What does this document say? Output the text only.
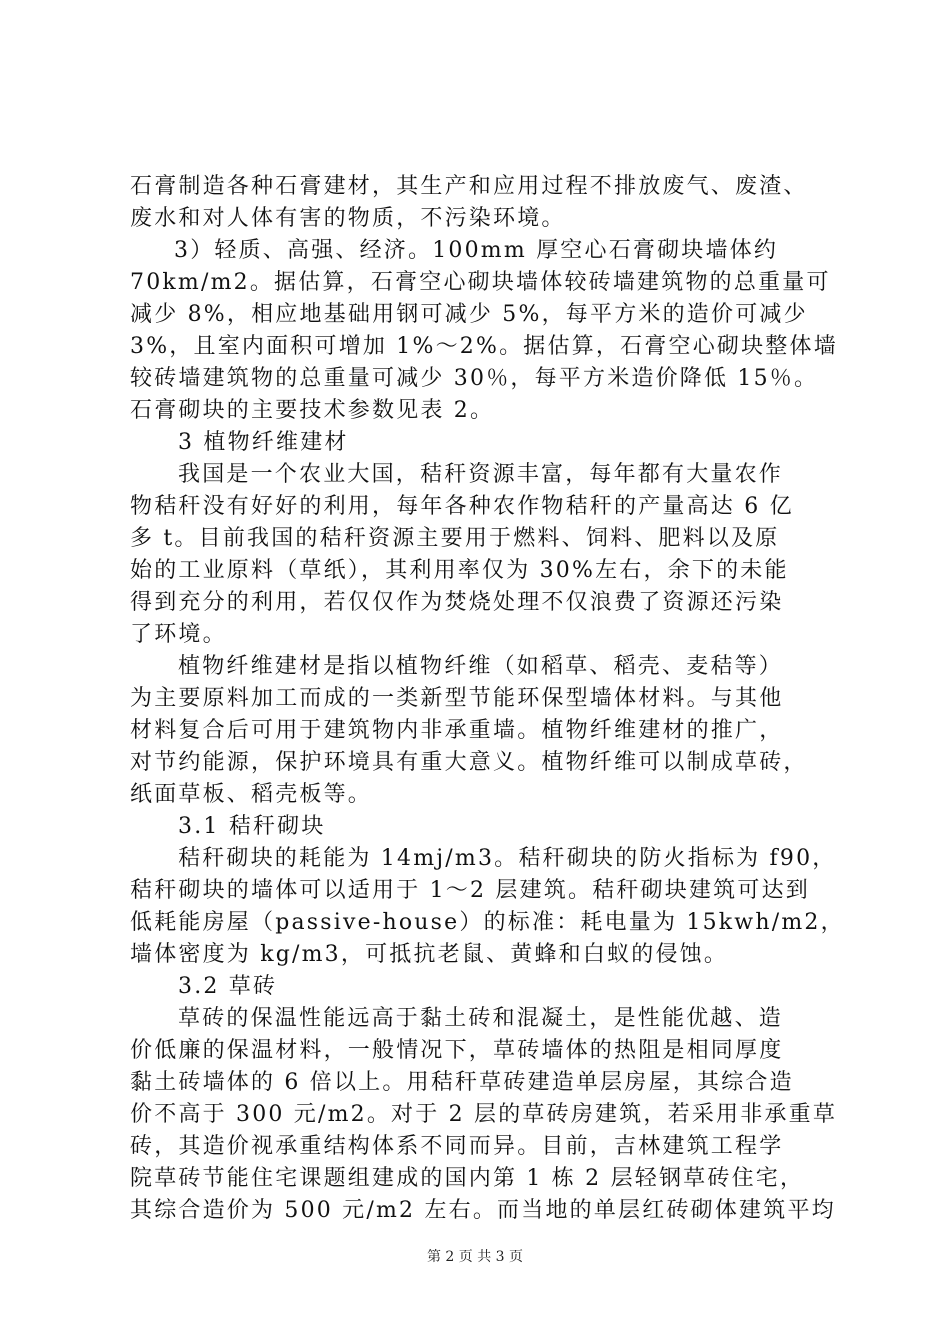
石膏制造各种石膏建材，其生产和应用过程不排放废气、废渣、
废水和对人体有害的物质，不污染环境。
3）轻质、高强、经济。100mm 厚空心石膏砌块墙体约
70km/m2。据估算，石膏空心砌块墙体较砖墙建筑物的总重量可
减少 8%，相应地基础用钢可减少 5%，每平方米的造价可减少
3%，且室内面积可增加 1%～2%。据估算，石膏空心砌块整体墙
较砖墙建筑物的总重量可减少 30％，每平方米造价降低 15％。
石膏砌块的主要技术参数见表 2。
3 植物纤维建材
我国是一个农业大国，秸秆资源丰富，每年都有大量农作
物秸秆没有好好的利用，每年各种农作物秸秆的产量高达 6 亿
多 t。目前我国的秸秆资源主要用于燃料、饲料、肥料以及原
始的工业原料（草纸），其利用率仅为 30%左右，余下的未能
得到充分的利用，若仅仅作为焚烧处理不仅浪费了资源还污染
了环境。
植物纤维建材是指以植物纤维（如稻草、稻壳、麦秸等）
为主要原料加工而成的一类新型节能环保型墙体材料。与其他
材料复合后可用于建筑物内非承重墙。植物纤维建材的推广，
对节约能源，保护环境具有重大意义。植物纤维可以制成草砖，
纸面草板、稻壳板等。
3.1 秸秆砌块
秸秆砌块的耗能为 14mj/m3。秸秆砌块的防火指标为 f90，
秸秆砌块的墙体可以适用于 1～2 层建筑。秸秆砌块建筑可达到
低耗能房屋（passive-house）的标准：耗电量为 15kwh/m2，
墙体密度为 kg/m3，可抵抗老鼠、黄蜂和白蚁的侵蚀。
3.2 草砖
草砖的保温性能远高于黏土砖和混凝土，是性能优越、造
价低廉的保温材料，一般情况下，草砖墙体的热阻是相同厚度
黏土砖墙体的 6 倍以上。用秸秆草砖建造单层房屋，其综合造
价不高于 300 元/m2。对于 2 层的草砖房建筑，若采用非承重草
砖，其造价视承重结构体系不同而异。目前，吉林建筑工程学
院草砖节能住宅课题组建成的国内第 1 栋 2 层轻钢草砖住宅，
其综合造价为 500 元/m2 左右。而当地的单层红砖砌体建筑平均
第 2 页 共 3 页
